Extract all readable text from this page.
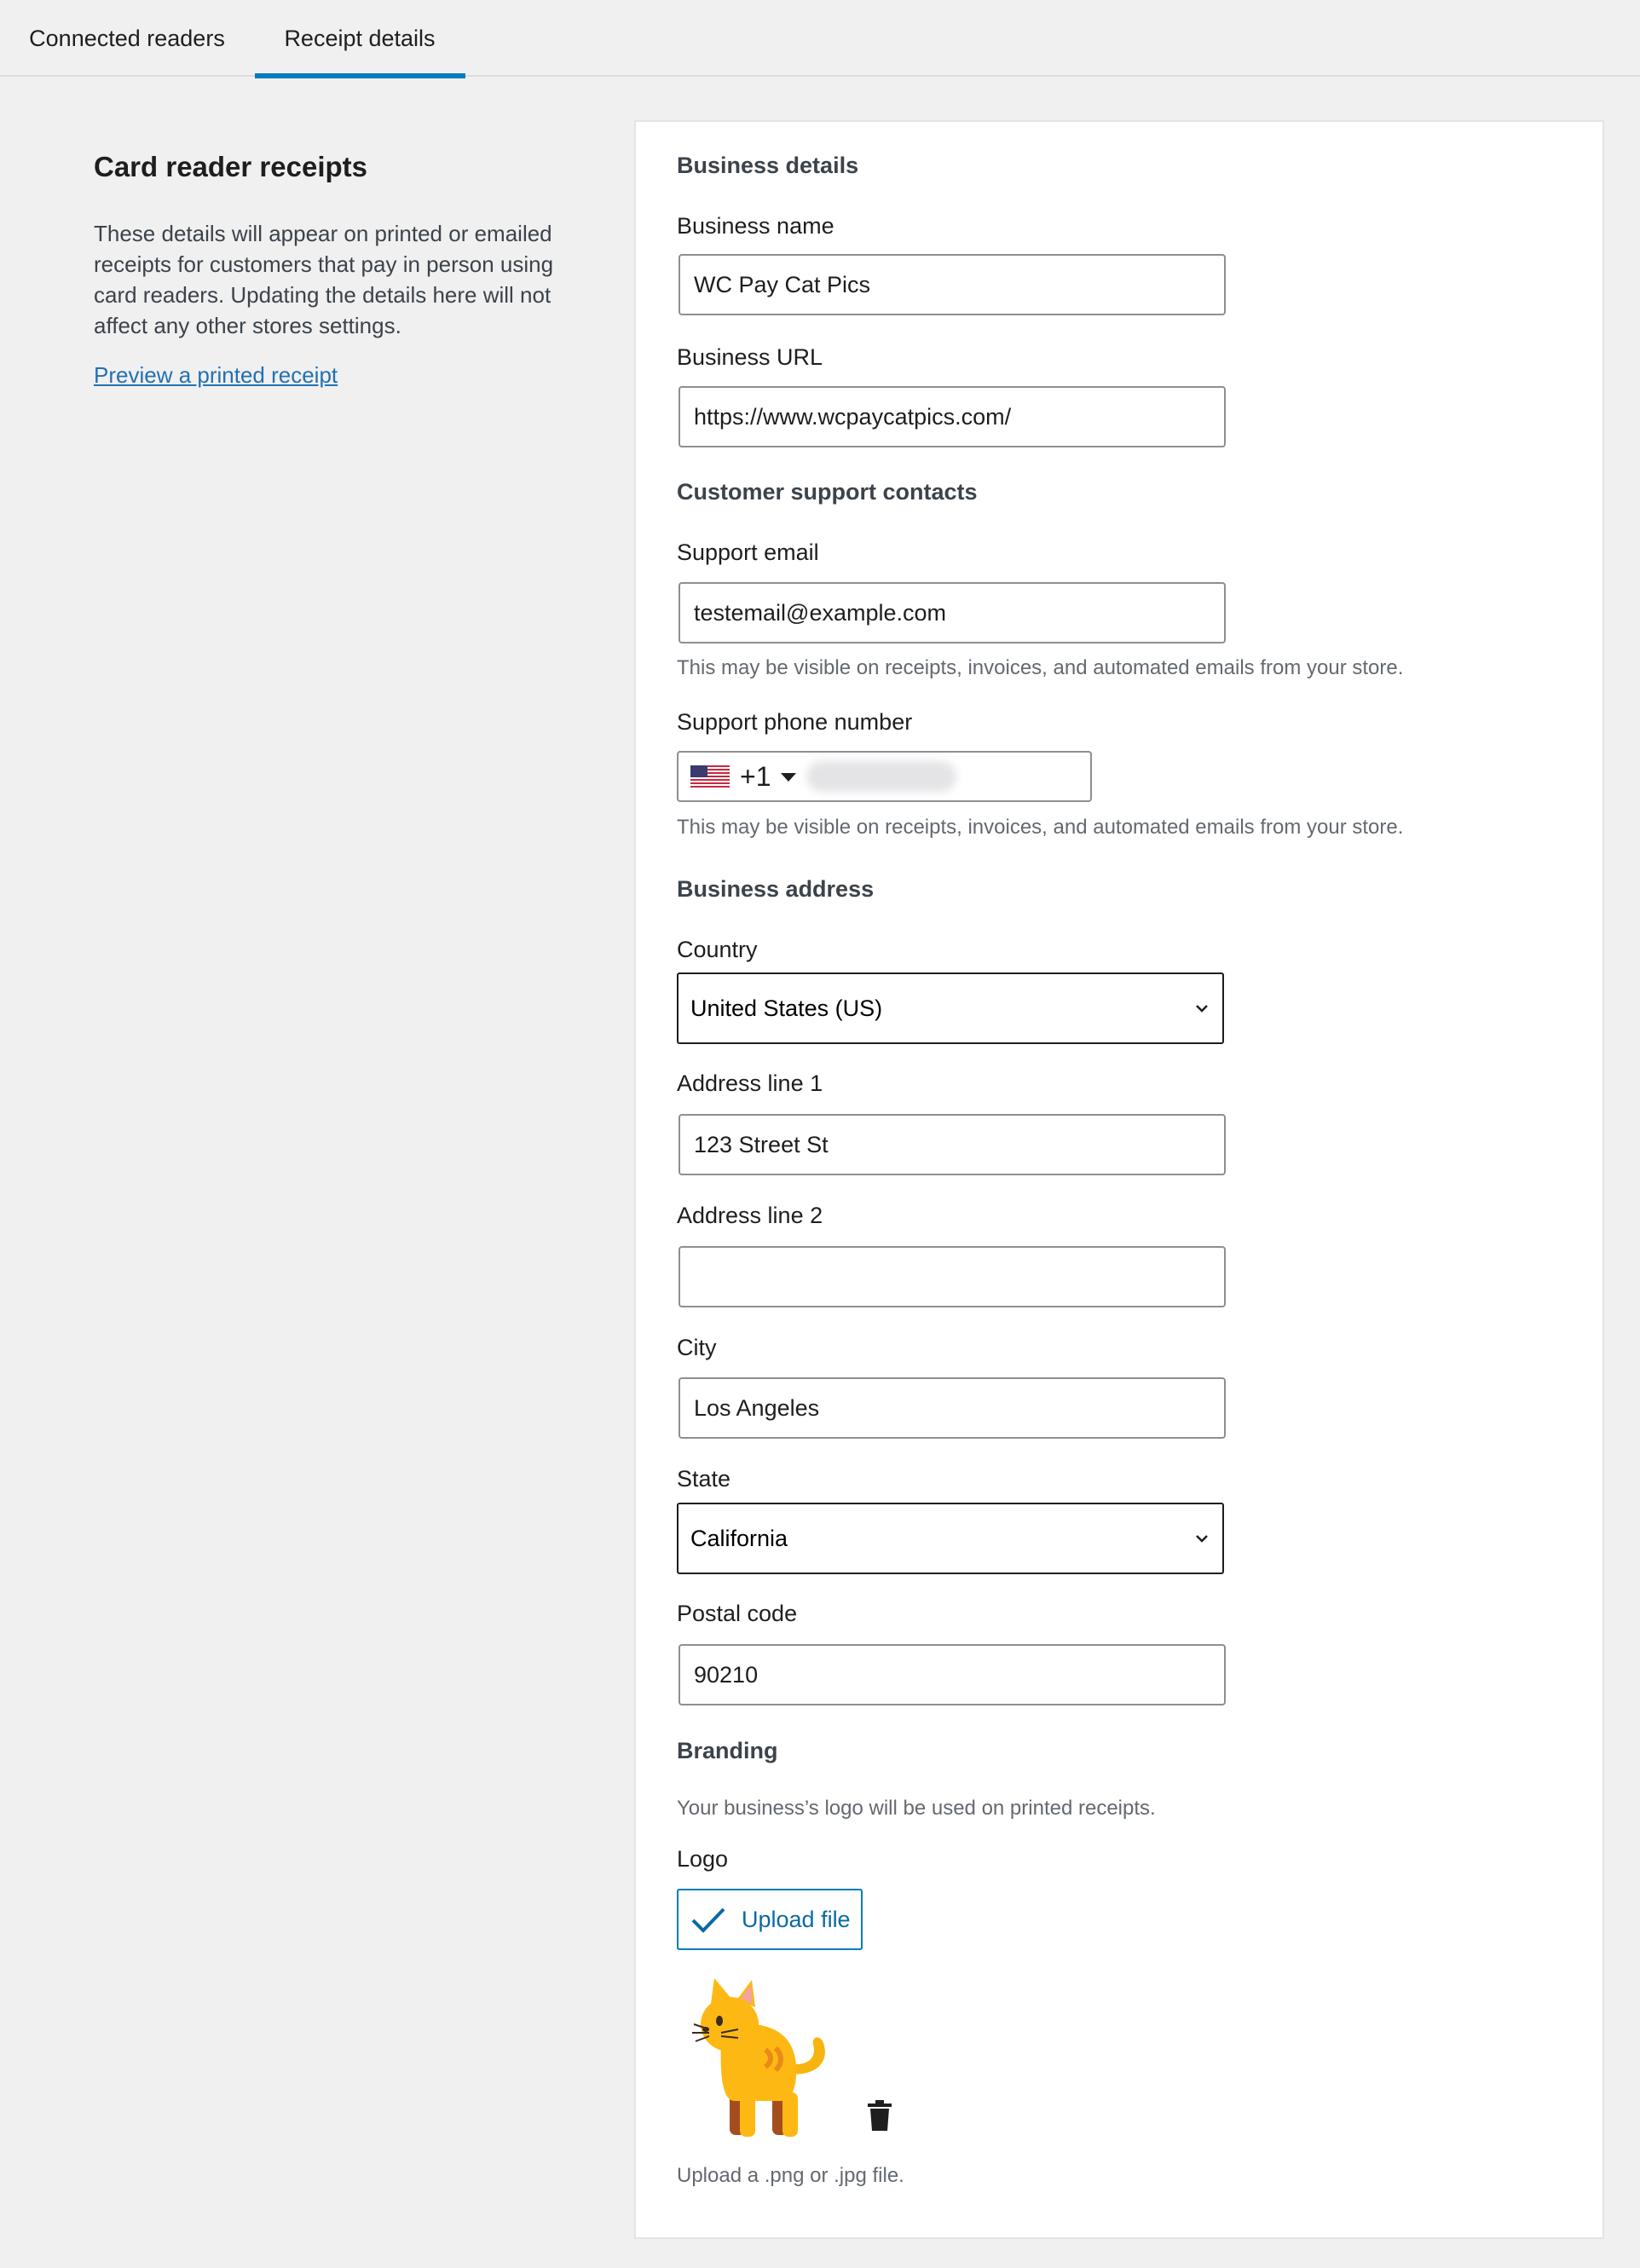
Connected readers	Receipt details
Card reader receipts

These details will appear on printed or emailed receipts for customers that pay in person using card readers. Updating the details here will not affect any other stores settings.

Preview a printed receipt
Business details
Business name
WC Pay Cat Pics
Business URL
https://www.wcpaycatpics.com/
Customer support contacts
Support email
testemail@example.com
This may be visible on receipts, invoices, and automated emails from your store.
Support phone number
+1
This may be visible on receipts, invoices, and automated emails from your store.
Business address
Country
United States (US)
Address line 1
123 Street St
Address line 2
City
Los Angeles
State
California
Postal code
90210
Branding
Your business’s logo will be used on printed receipts.
Logo
Upload file
Upload a .png or .jpg file.
